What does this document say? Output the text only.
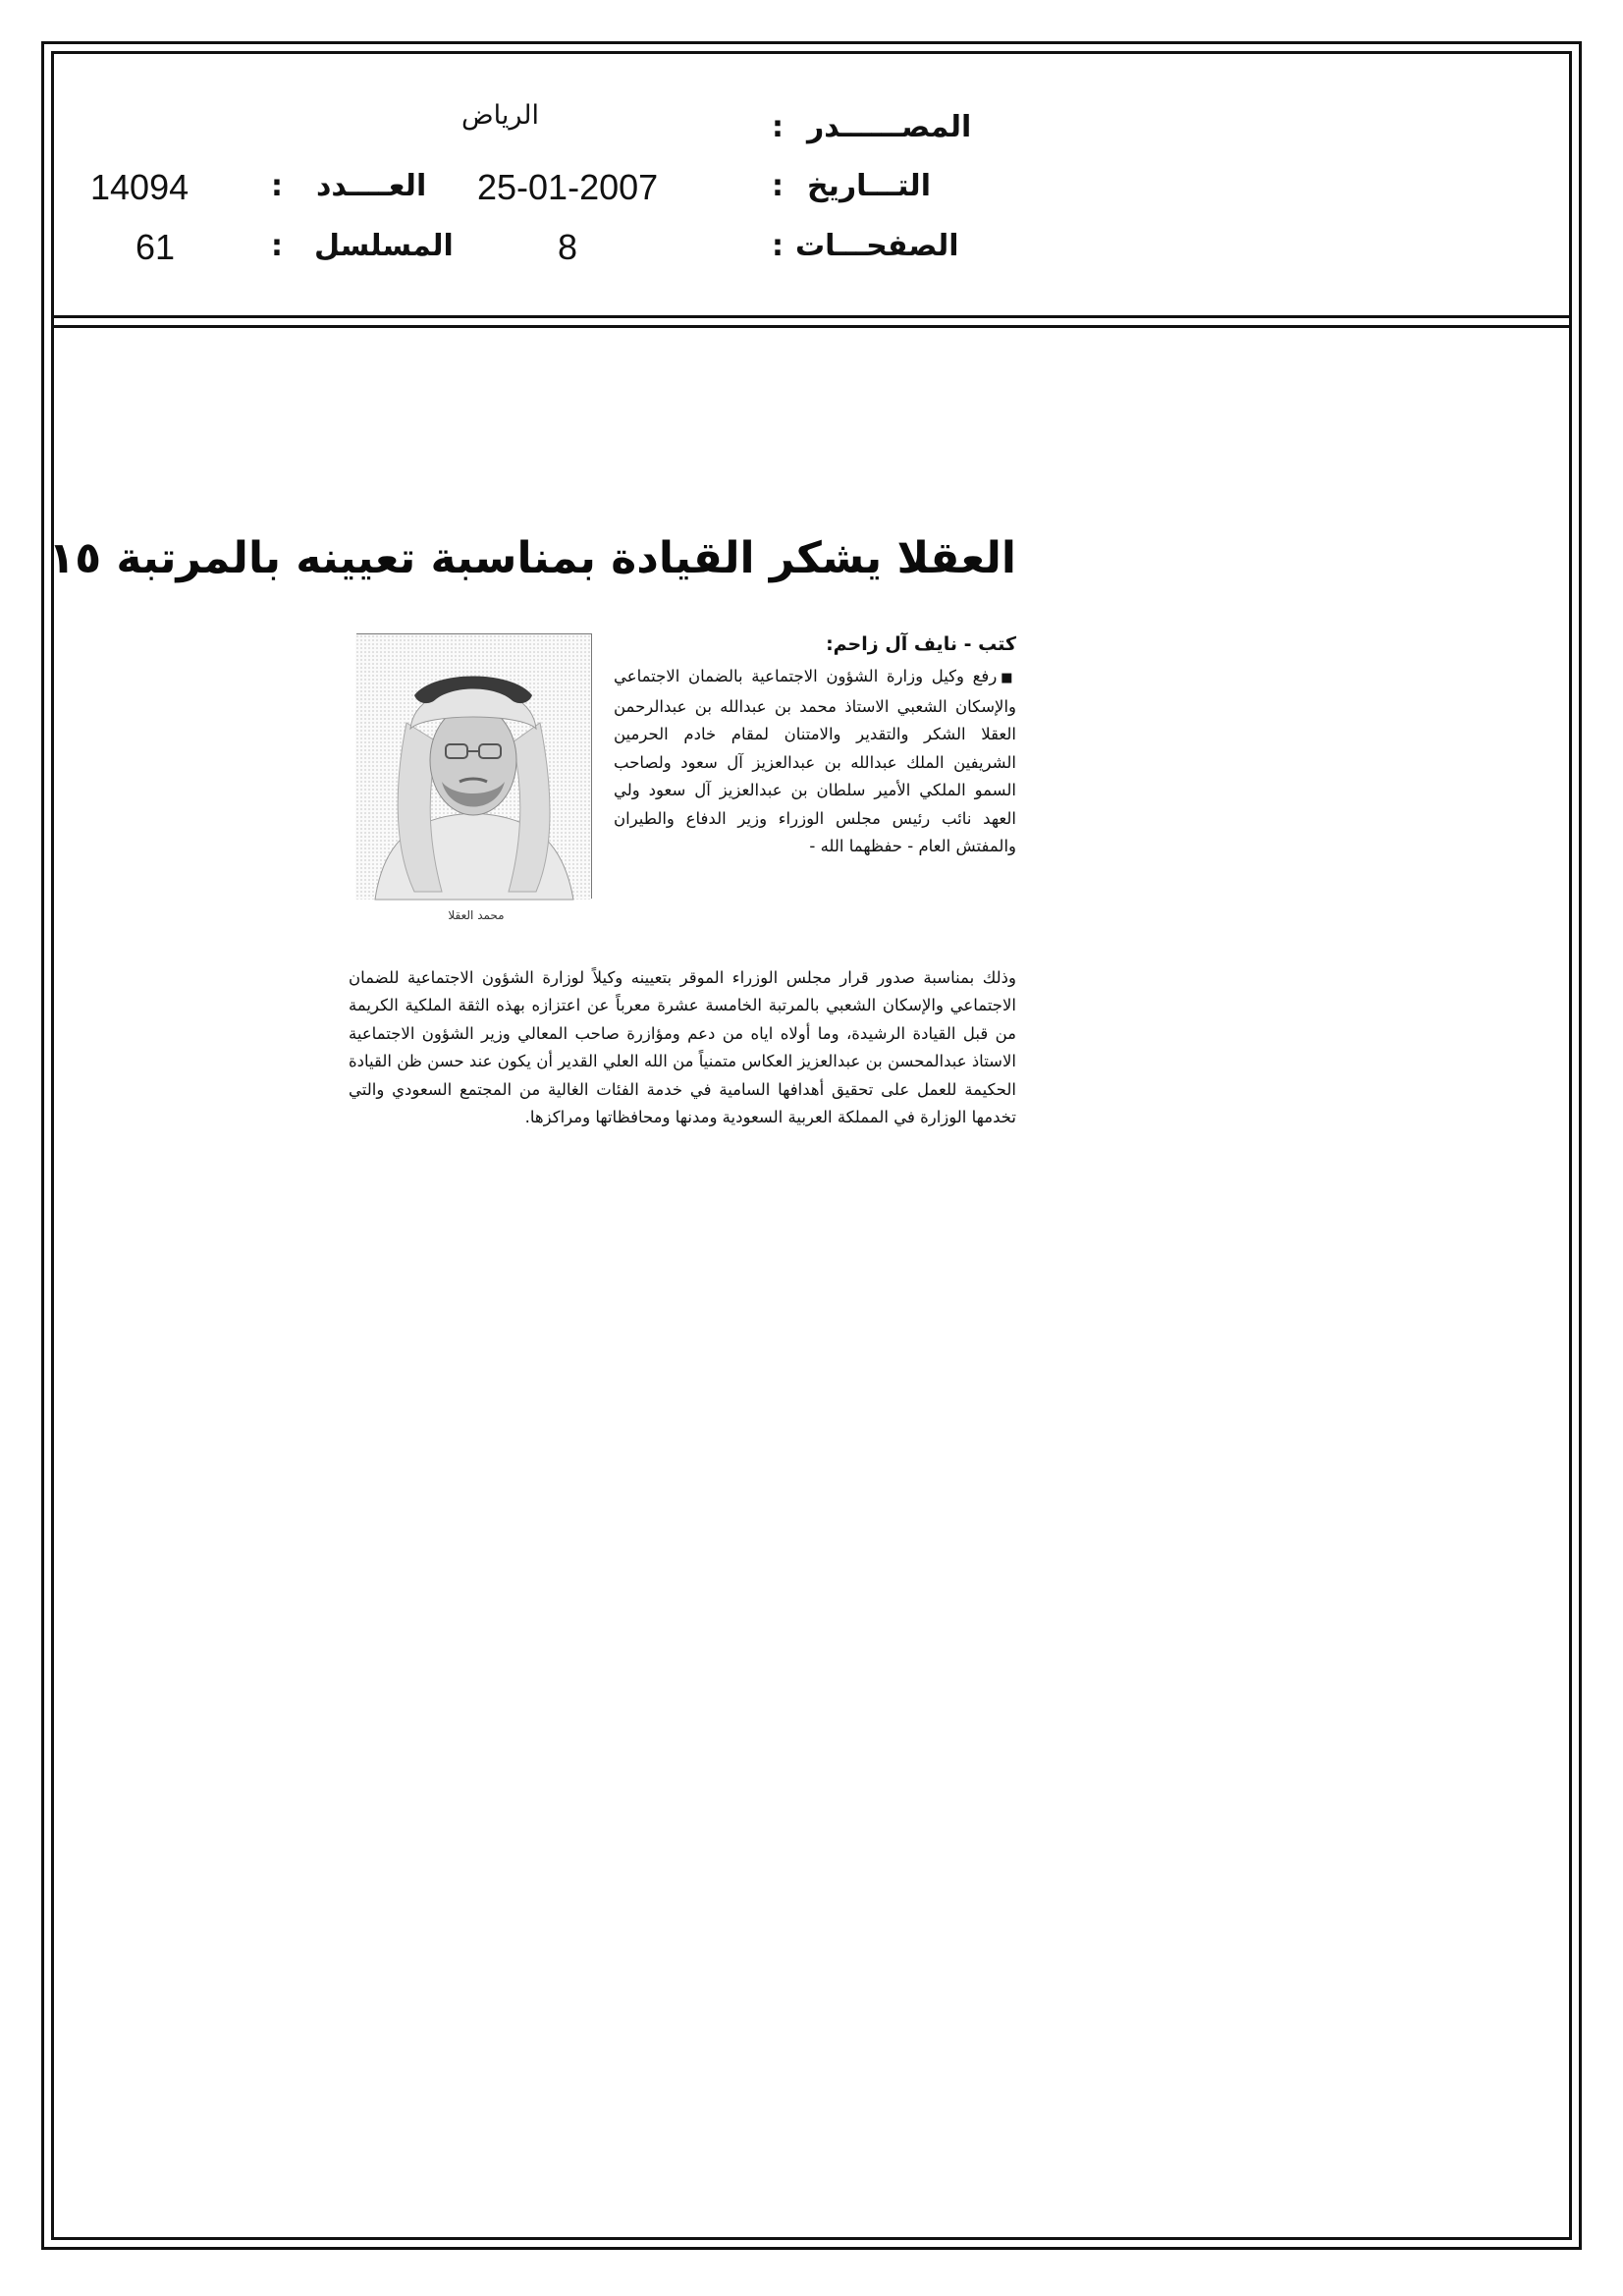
المصــــــدر
:
الرياض
التـــاريخ
:
25-01-2007
العــــدد
:
14094
الصفحـــات
:
8
المسلسل
:
61
العقلا يشكر القيادة بمناسبة تعيينه بالمرتبة ١٥
محمد العقلا
كتب - نايف آل زاحم:
■رفع وكيل وزارة الشؤون الاجتماعية بالضمان الاجتماعي والإسكان الشعبي الاستاذ محمد بن عبدالله بن عبدالرحمن العقلا الشكر والتقدير والامتنان لمقام خادم الحرمين الشريفين الملك عبدالله بن عبدالعزيز آل سعود ولصاحب السمو الملكي الأمير سلطان بن عبدالعزيز آل سعود ولي العهد نائب رئيس مجلس الوزراء وزير الدفاع والطيران والمفتش العام - حفظهما الله -
وذلك بمناسبة صدور قرار مجلس الوزراء الموقر بتعيينه وكيلاً لوزارة الشؤون الاجتماعية للضمان الاجتماعي والإسكان الشعبي بالمرتبة الخامسة عشرة معرباً عن اعتزازه بهذه الثقة الملكية الكريمة من قبل القيادة الرشيدة، وما أولاه اياه من دعم ومؤازرة صاحب المعالي وزير الشؤون الاجتماعية الاستاذ عبدالمحسن بن عبدالعزيز العكاس متمنياً من الله العلي القدير أن يكون عند حسن ظن القيادة الحكيمة للعمل على تحقيق أهدافها السامية في خدمة الفئات الغالية من المجتمع السعودي والتي تخدمها الوزارة في المملكة العربية السعودية ومدنها ومحافظاتها ومراكزها.
